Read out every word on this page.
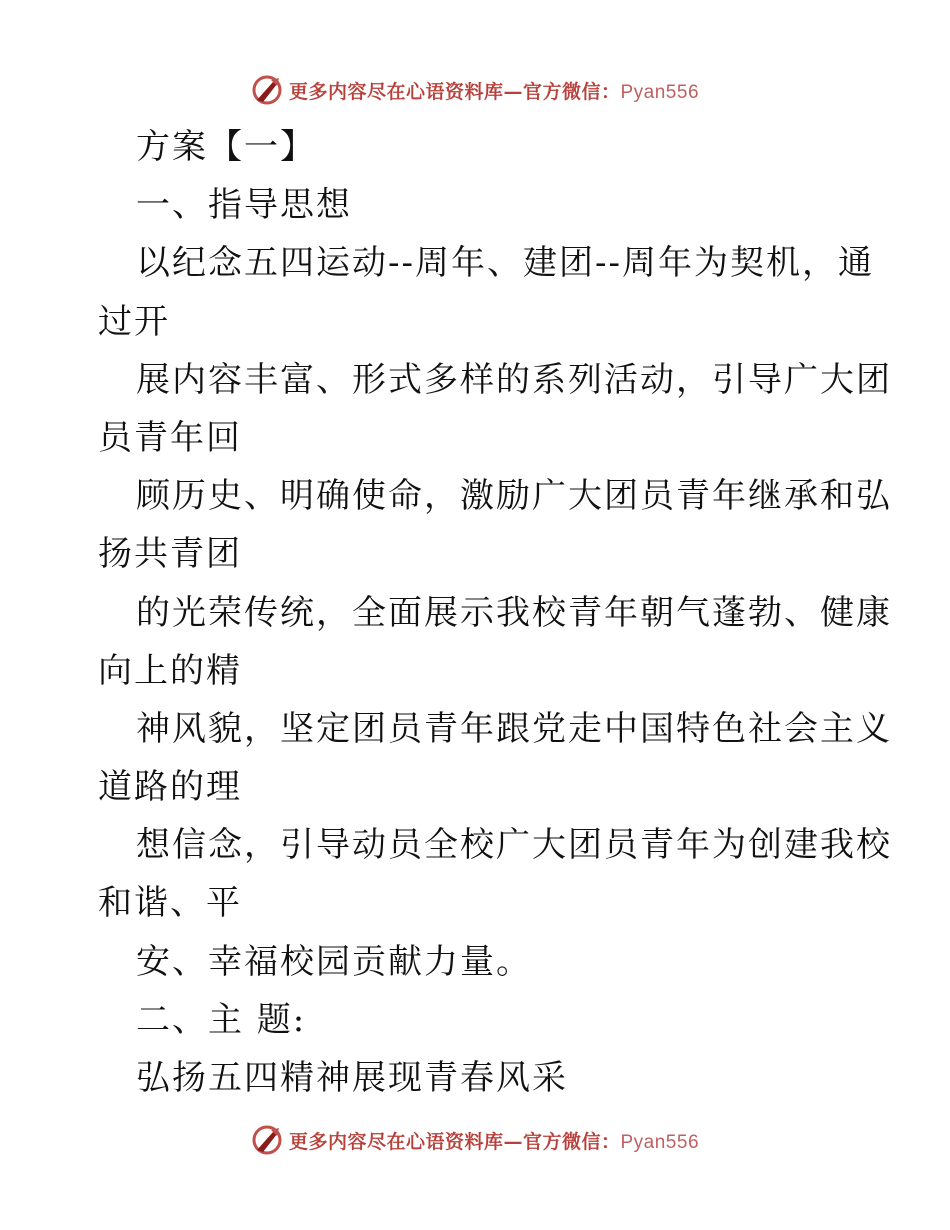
更多内容尽在心语资料库—官方微信：Pyan556

方案【一】

一、指导思想

以纪念五四运动--周年、建团--周年为契机，通

过开

展内容丰富、形式多样的系列活动，引导广大团

员青年回

顾历史、明确使命，激励广大团员青年继承和弘

扬共青团

的光荣传统，全面展示我校青年朝气蓬勃、健康

向上的精

神风貌，坚定团员青年跟党走中国特色社会主义

道路的理

想信念，引导动员全校广大团员青年为创建我校

和谐、平

安、幸福校园贡献力量。

二、主 题:

弘扬五四精神展现青春风采

更多内容尽在心语资料库—官方微信：Pyan556
